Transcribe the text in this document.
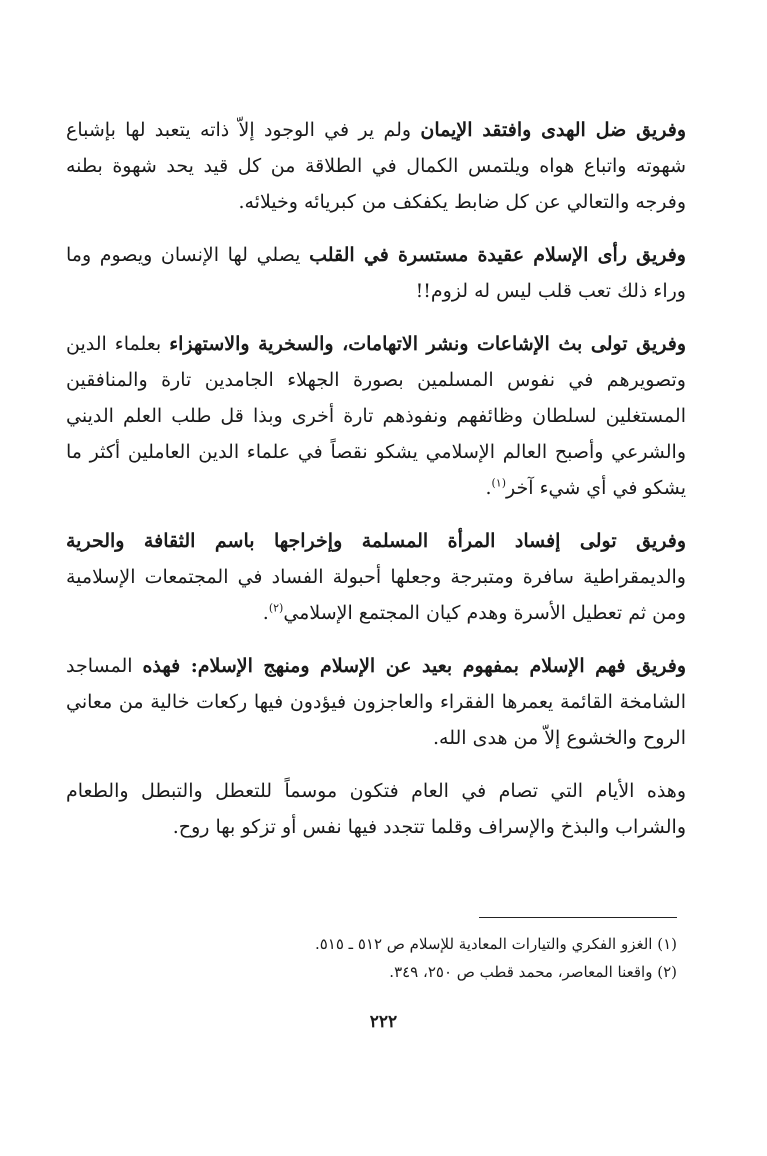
وفريق ضل الهدى وافتقد الإيمان ولم ير في الوجود إلاّ ذاته يتعبد لها بإشباع شهوته واتباع هواه ويلتمس الكمال في الطلاقة من كل قيد يحد شهوة بطنه وفرجه والتعالي عن كل ضابط يكفكف من كبريائه وخيلائه.

وفريق رأى الإسلام عقيدة مستسرة في القلب يصلي لها الإنسان ويصوم وما وراء ذلك تعب قلب ليس له لزوم!!

وفريق تولى بث الإشاعات ونشر الاتهامات، والسخرية والاستهزاء بعلماء الدين وتصويرهم في نفوس المسلمين بصورة الجهلاء الجامدين تارة والمنافقين المستغلين لسلطان وظائفهم ونفوذهم تارة أخرى وبذا قل طلب العلم الديني والشرعي وأصبح العالم الإسلامي يشكو نقصاً في علماء الدين العاملين أكثر ما يشكو في أي شيء آخر$^{(١)}$.

وفريق تولى إفساد المرأة المسلمة وإخراجها باسم الثقافة والحرية والديمقراطية سافرة ومتبرجة وجعلها أحبولة الفساد في المجتمعات الإسلامية ومن ثم تعطيل الأسرة وهدم كيان المجتمع الإسلامي$^{(٢)}$.

وفريق فهم الإسلام بمفهوم بعيد عن الإسلام ومنهج الإسلام: فهذه المساجد الشامخة القائمة يعمرها الفقراء والعاجزون فيؤدون فيها ركعات خالية من معاني الروح والخشوع إلاّ من هدى الله.

وهذه الأيام التي تصام في العام فتكون موسماً للتعطل والتبطل والطعام والشراب والبذخ والإسراف وقلما تتجدد فيها نفس أو تزكو بها روح.

(١) الغزو الفكري والتيارات المعادية للإسلام ص ٥١٢ ـ ٥١٥.

(٢) واقعنا المعاصر، محمد قطب ص ٢٥٠، ٣٤٩.

٢٢٢
